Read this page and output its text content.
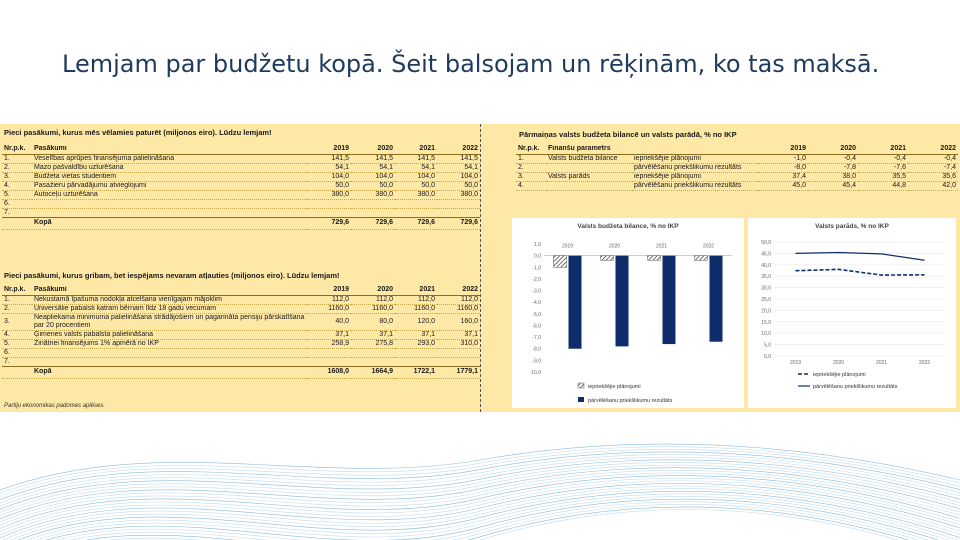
Lemjam par budžetu kopā. Šeit balsojam un rēķinām, ko tas maksā.
Pieci pasākumi, kurus mēs vēlamies paturēt (miljonos eiro). Lūdzu lemjam!
Nr.p.k.	Pasākumi	2019	2020	2021	2022
1.	Veselības aprūpes finansējuma palielināšana	141,5	141,5	141,5	141,5
2.	Mazo pašvaldību uzturēšana	54,1	54,1	54,1	54,1
3.	Budžeta vietas studentiem	104,0	104,0	104,0	104,0
4.	Pasažieru pārvadājumu atvieglojumi	50,0	50,0	50,0	50,0
5.	Autoceļu uzturēšana	380,0	380,0	380,0	380,0
6.					
7.					
	Kopā	729,6	729,6	729,6	729,6
Pieci pasākumi, kurus gribam, bet iespējams nevaram atļauties (miljonos eiro). Lūdzu lemjam!
Nr.p.k.	Pasākumi	2019	2020	2021	2022
1.	Nekustamā īpašuma nodokļa atcelšana vienīgajam mājoklim	112,0	112,0	112,0	112,0
2.	Universālie pabalsti katram bērnam līdz 18 gadu vecumam	1160,0	1160,0	1160,0	1160,0
3.	Neapliekama minimuma palielināšana strādājošiem un pagarināta pensiju pārskatīšana par 20 procentiem	40,0	80,0	120,0	160,0
4.	Ģimenes valsts pabalsta palielināšana	37,1	37,1	37,1	37,1
5.	Zinātnei finansējums 1% apmērā no IKP	258,9	275,8	293,0	310,0
6.					
7.					
	Kopā	1608,0	1664,9	1722,1	1779,1
Partiju ekonomikas padomes aplēses.
Pārmaiņas valsts budžeta bilancē un valsts parādā, % no IKP
Nr.p.k.	Finanšu parametrs		2019	2020	2021	2022
1.	Valsts budžeta bilance	iepriekšējie plānojumi	-1,0	-0,4	-0,4	-0,4
2.		pārvēlēšanu priekšlikumu rezultāts	-8,0	-7,8	-7,6	-7,4
3.	Valsts parāds	iepriekšējie plānojumi	37,4	38,0	35,5	35,6
4.		pārvēlēšanu priekšlikumu rezultāts	45,0	45,4	44,8	42,0
Valsts budžeta bilance, % no IKP
1,0
0,0
-1,0
-2,0
-3,0
-4,0
-5,0
-6,0
-7,0
-8,0
-9,0
-10,0
2019	2020	2021	2022
iepriekšējie plānojumi
pārvēlēšanu priekšlikumu rezultāts
Valsts parāds, % no IKP
50,0
45,0
40,0
35,0
30,0
25,0
20,0
15,0
10,0
5,0
0,0
2019	2020	2021	2022
iepriekšējie plānojumi
pārvēlēšanu priekšlikumu rezultāts
